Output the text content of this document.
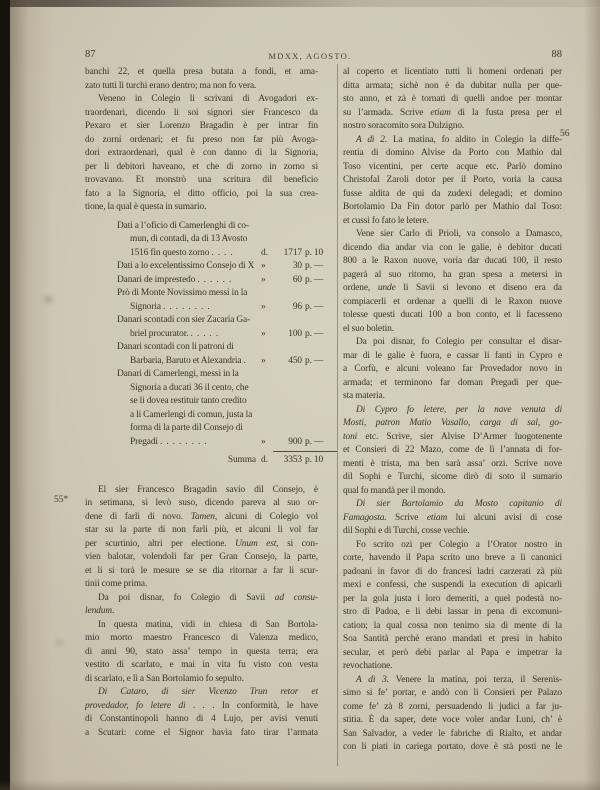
87	MDXX, AGOSTO.	88
55*
56
banchi 22, et quella presa butata a fondi, et ama-
zato tutti li turchi erano dentro; ma non fo vera.
Veneno in Colegio li scrivani di Avogadori ex-
traordenari, dicendo li soi signori sier Francesco da
Pexaro et sier Lorenzo Bragadin è per intrar fin
do zorni ordenari; et fu preso non far più Avoga-
dori extraordenari, qual è con danno di la Signoria,
per li debitori haveano, et che di zorno in zorno si
trovavano. Et monstrò una scritura dil beneficio
fato a la Signoria, el ditto officio, poi la sua crea-
tione, la qual è questa in sumario.
Dati a l’oficio di Camerlenghi di co-
mun, di contadi, da di 13 Avosto
1516 fin questo zorno .  .  .  .	d.	1717 p. 10
Dati a lo excelentissimo Consejo di X »	30 p. —
Danari de imprestedo .  .  .  .  .  .	»	60 p. —
Prò di Monte Novissimo messi in la
Signoria .  .  .  .  .  .  .  .	»	96 p. —
Danari scontadi con sier Zacaria Ga-
briel procurator. .  .  .  .  .	»	100 p. —
Danari scontadi con li patroni di
Barbaria, Baruto et Alexandria .	»	450 p. —
Danari di Camerlengi, messi in la
Signoria a ducati 36 il cento, che
se li dovea restituir tanto credito
a li Camerlengi di comun, justa la
forma di la parte dil Consejo di
Pregadi .  .  .  .  .  .  .  .	»	900 p. —
Summa d.	3353 p. 10
El sier Francesco Bragadin savio dil Consejo, è
in setimana, si levò suso, dicendo pareva al suo or-
dene di farli di novo. Tamen, alcuni di Colegio vol
star su la parte di non farli più, et alcuni li vol far
per scurtinio, altri per electione. Unum est, si con-
vien balotar, volendoli far per Gran Consejo, la parte,
et li si torà le mesure se se dia ritornar a far li scur-
tinii come prima.
Da poi disnar, fo Colegio di Savii ad consu-
lendum.
In questa matina, vidi in chiesa di San Bortola-
mio morto maestro Francesco di Valenza medico,
di anni 90, stato assa’ tempo in questa terra; era
vestito di scarlato, e mai in vita fu visto con vesta
di scarlato, e lì a San Bortolamio fo sepulto.
Di Cataro, di sier Vicenzo Trun retor et
provedador, fo letere di . . . In conformità, le have
di Constantinopoli hanno di 4 Lujo, per avisi venuti
a Scutari: come el Signor havia fato tirar l’armata
al coperto et licentiato tutti li homeni ordenati per
ditta armata; sichè non è da dubitar nulla per que-
sto anno, et zà è tornati di quelli andoe per montar
su l’armada. Scrive etiam di la fusta presa per el
nostro soracomito sora Dulzigno.
A dì 2. La matina, fo aldito in Colegio la diffe-
rentia di domino Alvise da Porto con Mathio dal
Toso vicentini, per certe acque etc. Parlò domino
Christofal Zaroli dotor per il Porto, voria la causa
fusse aldita de qui da zudexi delegadi; et domino
Bortolamio Da Fin dotor parlò per Mathio dal Toso:
et cussì fo fato le letere.
Vene sier Carlo di Prioli, va consolo a Damasco,
dicendo dia andar via con le galie, è debitor ducati
800 a le Raxon nuove, voria dar ducati 100, il resto
pagerà al suo ritorno, ha gran spesa a metersi in
ordene, unde li Savii si levono et diseno era da
compiacerli et ordenar a quelli di le Raxon nuove
tolesse questi ducati 100 a bon conto, et li facesseno
el suo boletin.
Da poi disnar, fo Colegio per consultar el disar-
mar di le galie è fuora, e cassar li fanti in Cypro e
a Corfù, e alcuni voleano far Provedador novo in
armada; et terminono far doman Pregadi per que-
sta materia.
Di Cypro fo letere, per la nave venuta di
Mosti, patron Matio Vasallo, carga di sal, go-
toni etc. Scrive, sier Alvise D’Armer luogotenente
et Consieri di 22 Mazo, come de lì l’annata di for-
menti è trista, ma ben sarà assa’ orzi. Scrive nove
dil Sophi e Turchi, sicome dirò di soto il sumario
qual fo mandà per il mondo.
Di sier Bartolamio da Mosto capitanio di
Famagosta. Scrive etiam lui alcuni avisi di cose
dil Sophi e di Turchi, cosse vechie.
Fo scrito ozi per Colegio a l’Orator nostro in
corte, havendo il Papa scrito uno breve a li canonici
padoani in favor di do francesi ladri carzerati zà più
mexi e confessi, che suspendi la execution di apicarli
per la gola justa i loro demeriti, a quel podestà no-
stro di Padoa, e li debi lassar in pena di excomuni-
cation; la qual cossa non tenimo sia di mente di la
Soa Santità perchè erano mandati et presi in habito
secular, et però debi parlar al Papa e impetrar la
revochatione.
A dì 3. Venere la matina, poi terza, il Serenis-
simo si fe’ portar, e andò con li Consieri per Palazo
come fe’ zà 8 zorni, persuadendo li judici a far ju-
stitia. È da saper, dete voce voler andar Luni, ch’ è
San Salvador, a veder le fabriche di Rialto, et andar
con li piati in cariega portato, dove è stà posti ne le
